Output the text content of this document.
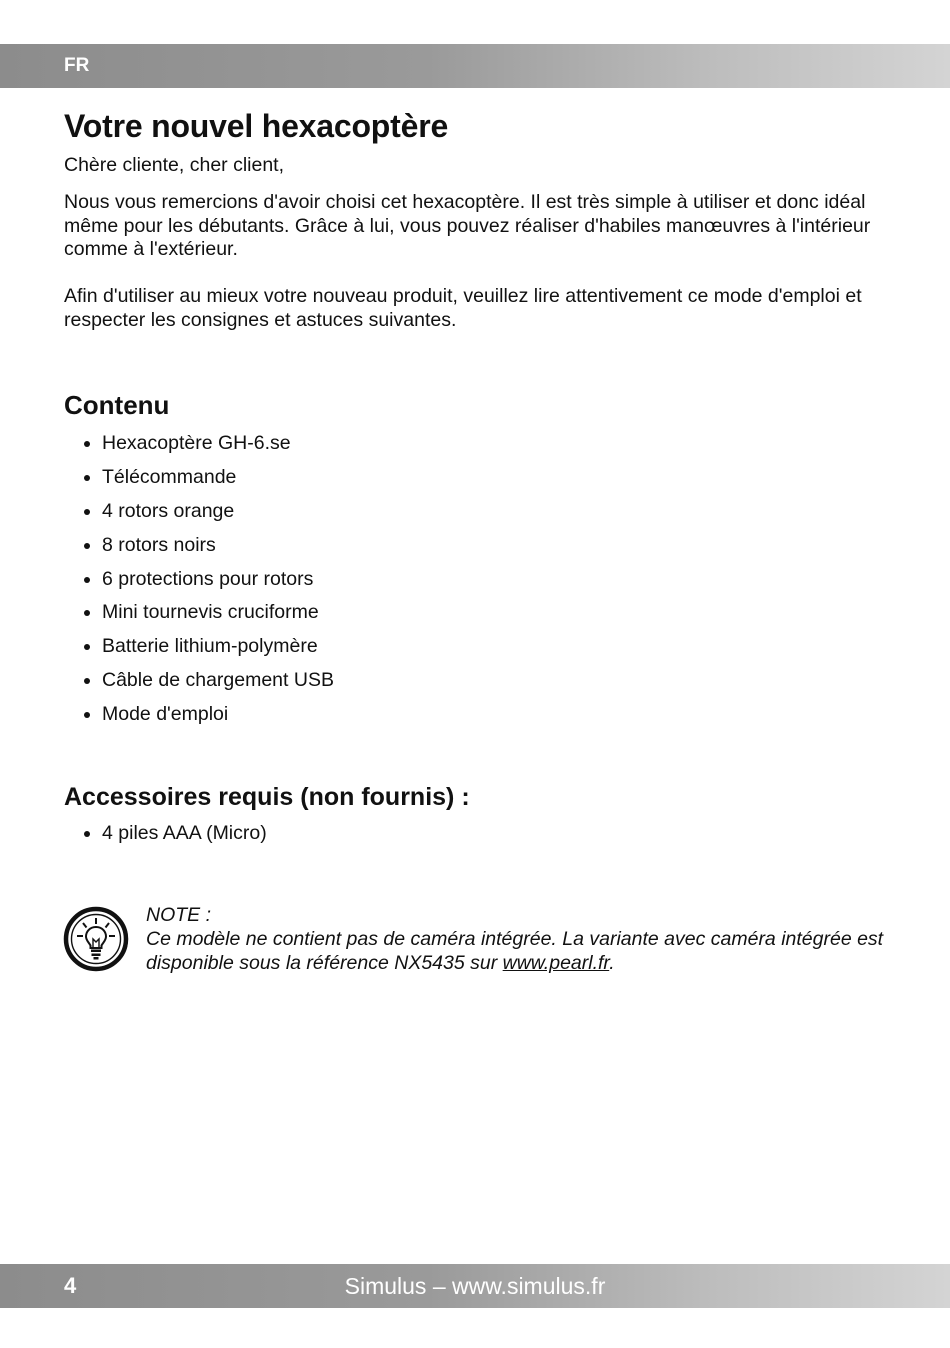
FR
Votre nouvel hexacoptère

Chère cliente, cher client,

Nous vous remercions d'avoir choisi cet hexacoptère. Il est très simple à utiliser et donc idéal même pour les débutants. Grâce à lui, vous pouvez réaliser d'habiles manœuvres à l'intérieur comme à l'extérieur.

Afin d'utiliser au mieux votre nouveau produit, veuillez lire attentivement ce mode d'emploi et respecter les consignes et astuces suivantes.

Contenu
Hexacoptère GH-6.se
Télécommande
4 rotors orange
8 rotors noirs
6 protections pour rotors
Mini tournevis cruciforme
Batterie lithium-polymère
Câble de chargement USB
Mode d'emploi
Accessoires requis (non fournis) :
4 piles AAA (Micro)
NOTE :
Ce modèle ne contient pas de caméra intégrée. La variante avec caméra intégrée est disponible sous la référence NX5435 sur www.pearl.fr.
4	Simulus – www.simulus.fr
